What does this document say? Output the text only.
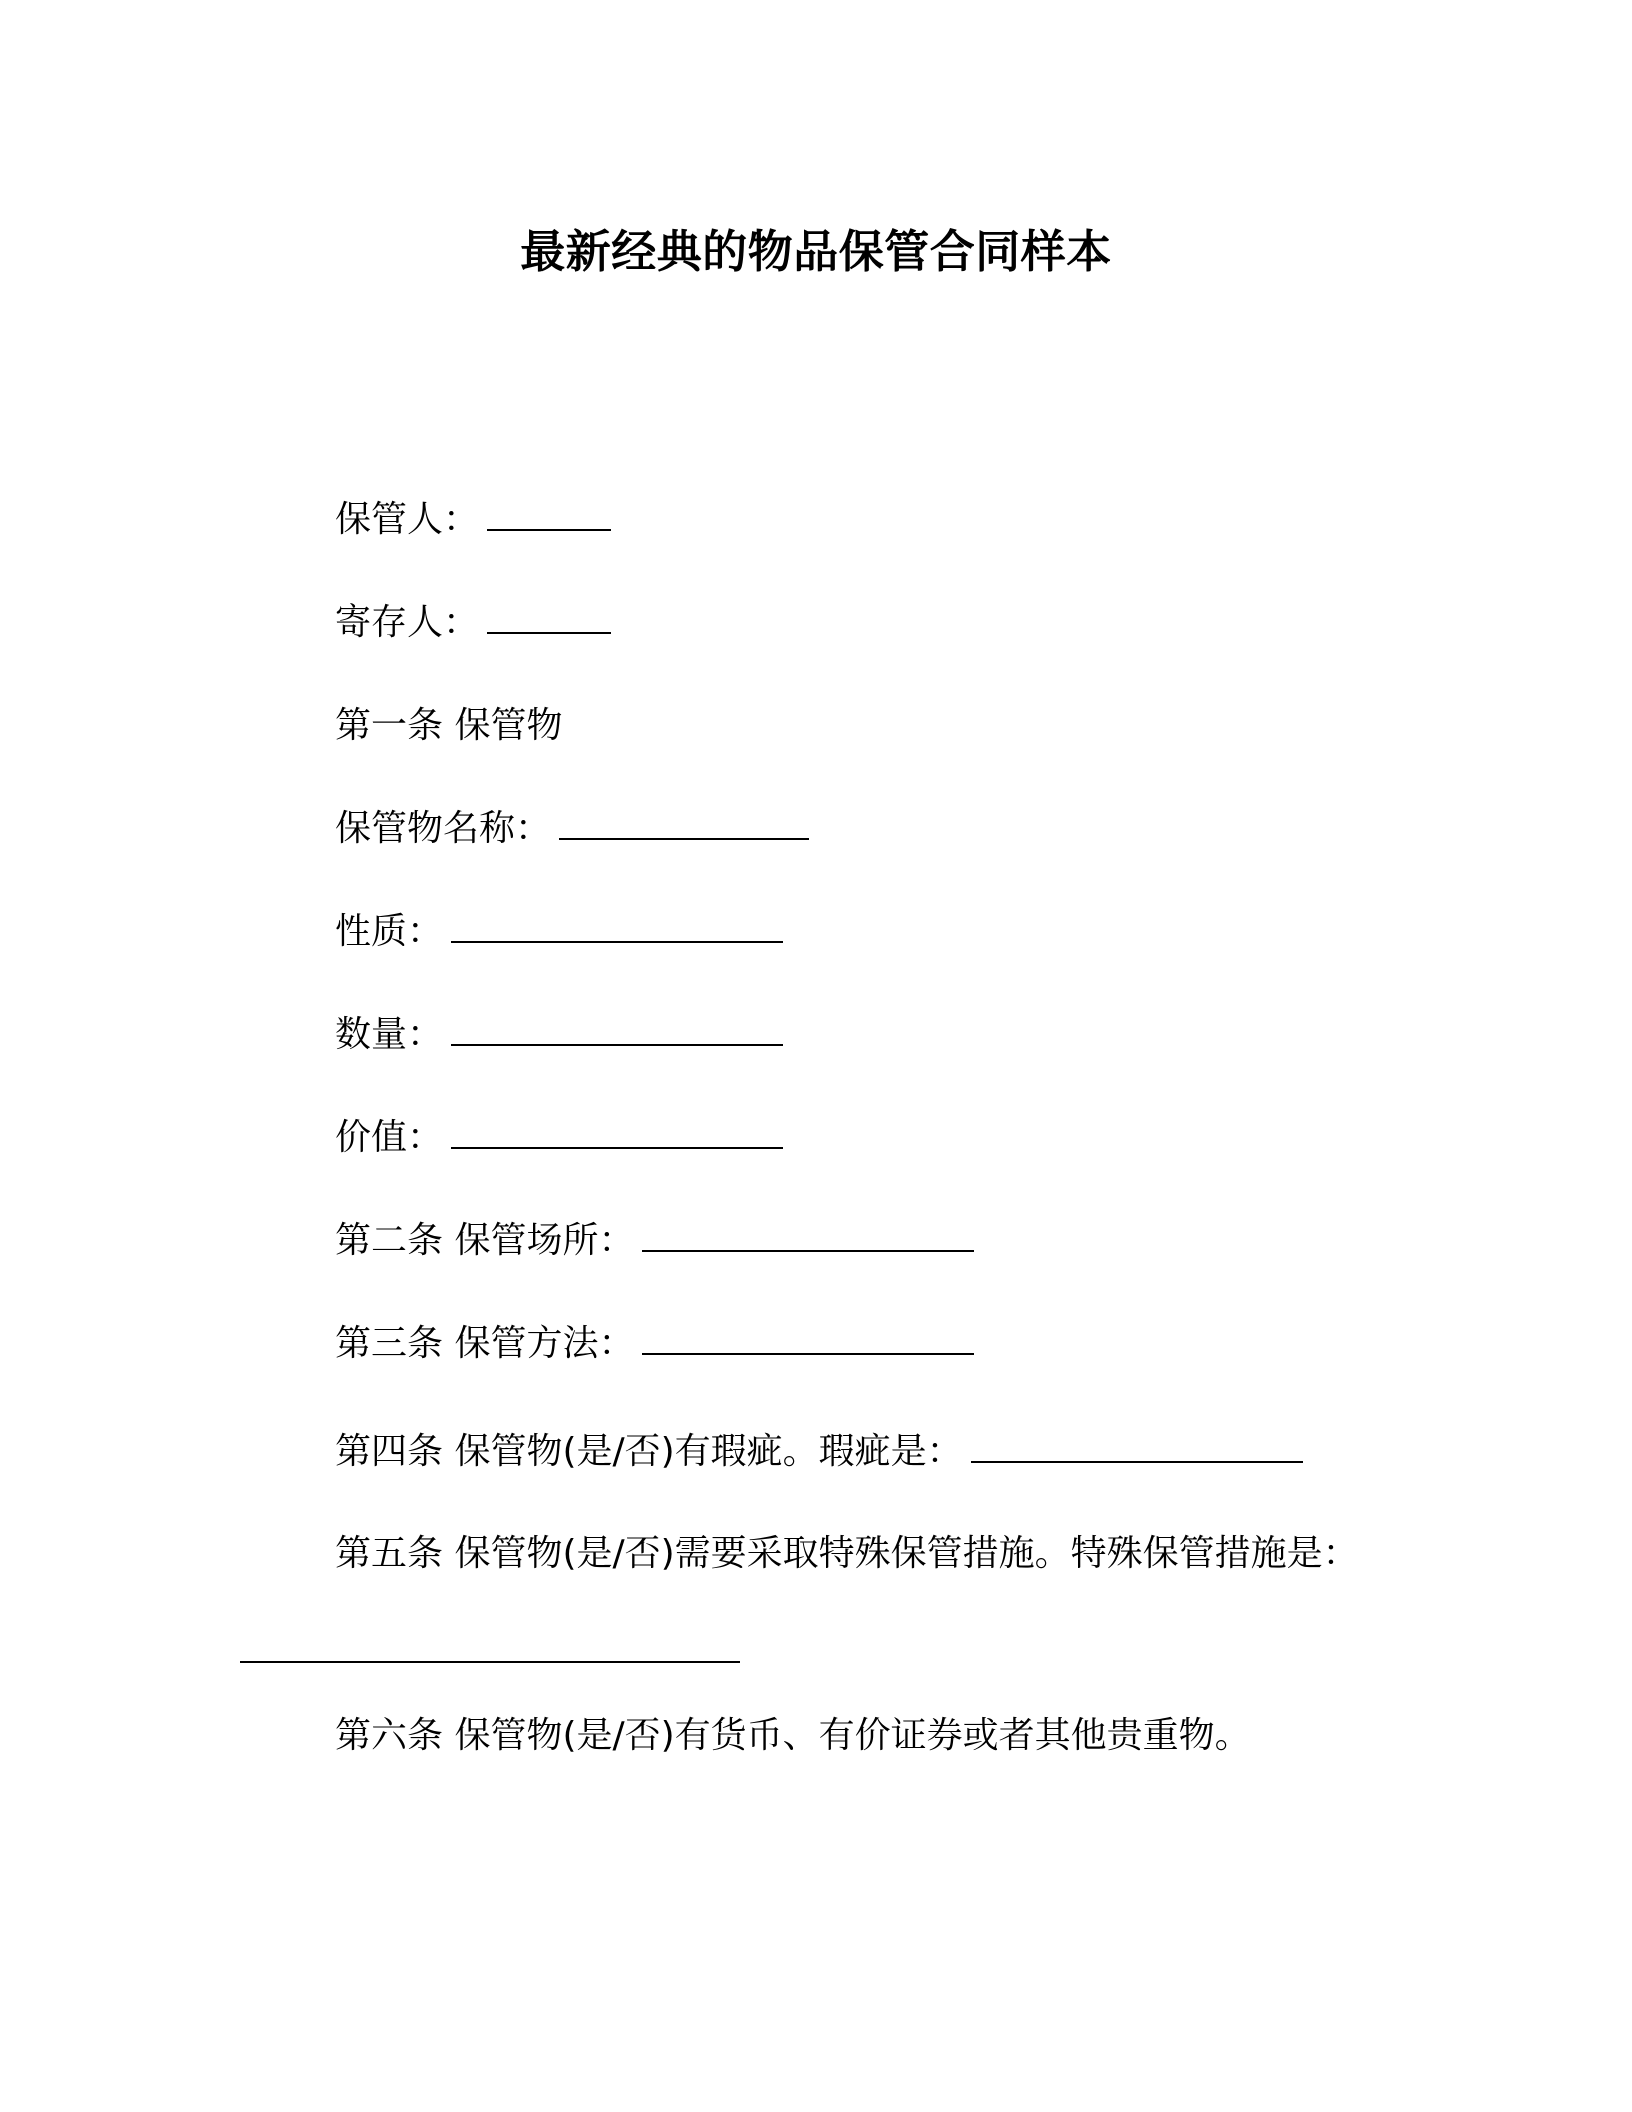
最新经典的物品保管合同样本
保管人：
寄存人：
第一条 保管物
保管物名称：
性质：
数量：
价值：
第二条 保管场所：
第三条 保管方法：
第四条 保管物(是/否)有瑕疵。瑕疵是：
第五条 保管物(是/否)需要采取特殊保管措施。特殊保管措施是：
第六条 保管物(是/否)有货币、有价证券或者其他贵重物。
